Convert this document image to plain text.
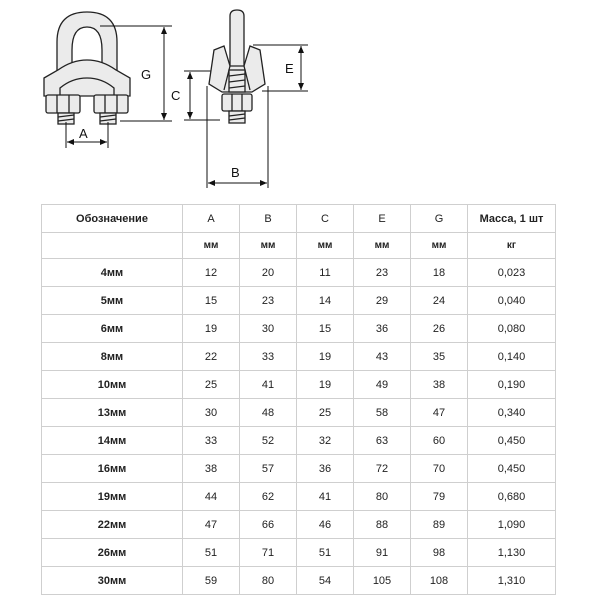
A
G
C
E
B
Обозначение	A	B	C	E	G	Масса, 1 шт
	мм	мм	мм	мм	мм	кг
4мм	12	20	11	23	18	0,023
5мм	15	23	14	29	24	0,040
6мм	19	30	15	36	26	0,080
8мм	22	33	19	43	35	0,140
10мм	25	41	19	49	38	0,190
13мм	30	48	25	58	47	0,340
14мм	33	52	32	63	60	0,450
16мм	38	57	36	72	70	0,450
19мм	44	62	41	80	79	0,680
22мм	47	66	46	88	89	1,090
26мм	51	71	51	91	98	1,130
30мм	59	80	54	105	108	1,310
